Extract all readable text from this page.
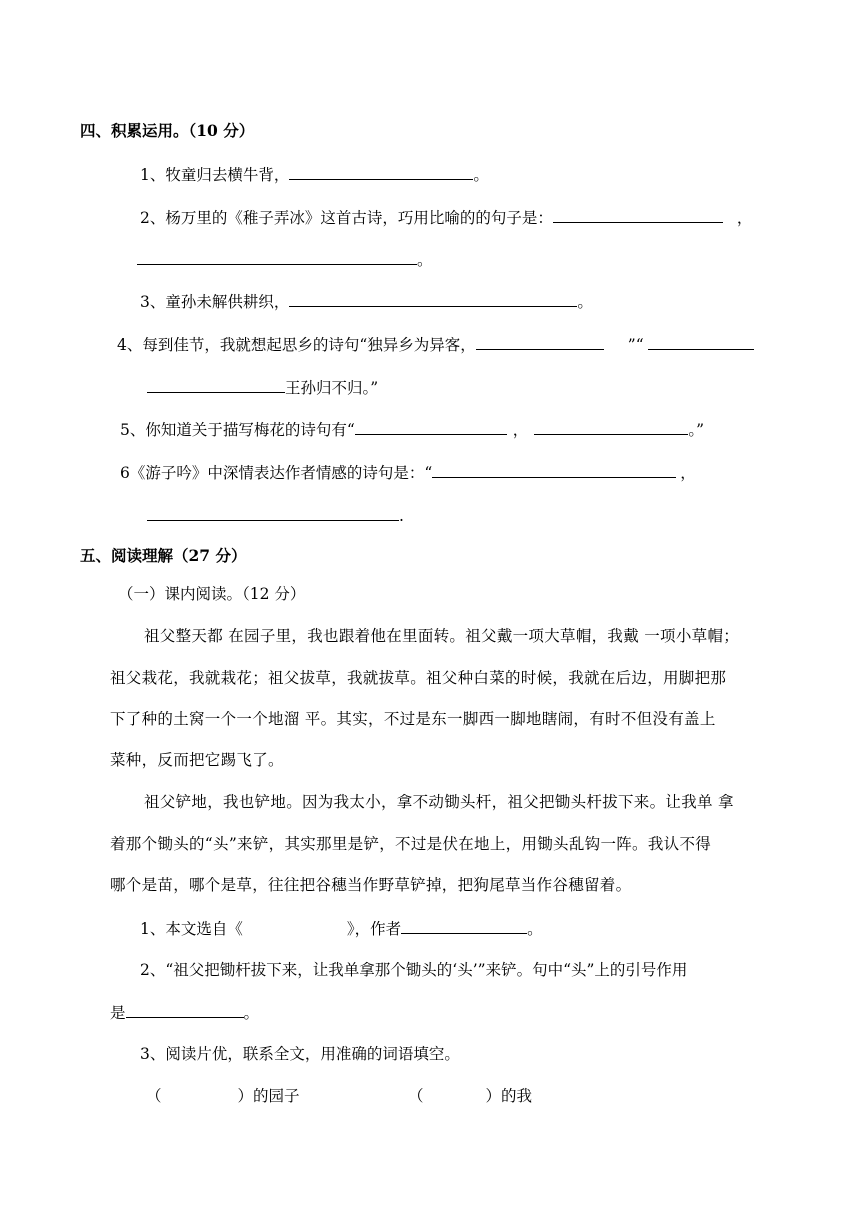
四、积累运用。（10 分）
1、牧童归去横牛背，	。
2、杨万里的《稚子弄冰》这首古诗，巧用比喻的的句子是：	，
。
3、童孙未解供耕织，	。
4、每到佳节，我就想起思乡的诗句“独异乡为异客，	”“
王孙归不归。”
5、你知道关于描写梅花的诗句有“	，	。”
6《游子吟》中深情表达作者情感的诗句是：“	，
.
五、阅读理解（27 分）
（一）课内阅读。（12 分）
祖父整天都 在园子里，我也跟着他在里面转。祖父戴一项大草帽，我戴 一项小草帽；
祖父栽花，我就栽花；祖父拔草，我就拔草。祖父种白菜的时候，我就在后边，用脚把那
下了种的土窝一个一个地溜 平。其实，不过是东一脚西一脚地瞎闹，有时不但没有盖上
菜种，反而把它踢飞了。
祖父铲地，我也铲地。因为我太小，拿不动锄头杆，祖父把锄头杆拔下来。让我单 拿
着那个锄头的“头”来铲，其实那里是铲，不过是伏在地上，用锄头乱钩一阵。我认不得
哪个是苗，哪个是草，往往把谷穗当作野草铲掉，把狗尾草当作谷穗留着。
1、本文选自《	》，作者	。
2、“祖父把锄杆拔下来，让我单拿那个锄头的‘头’”来铲。句中“头”上的引号作用
是	。
3、阅读片优，联系全文，用准确的词语填空。
（	）的园子	（	）的我
